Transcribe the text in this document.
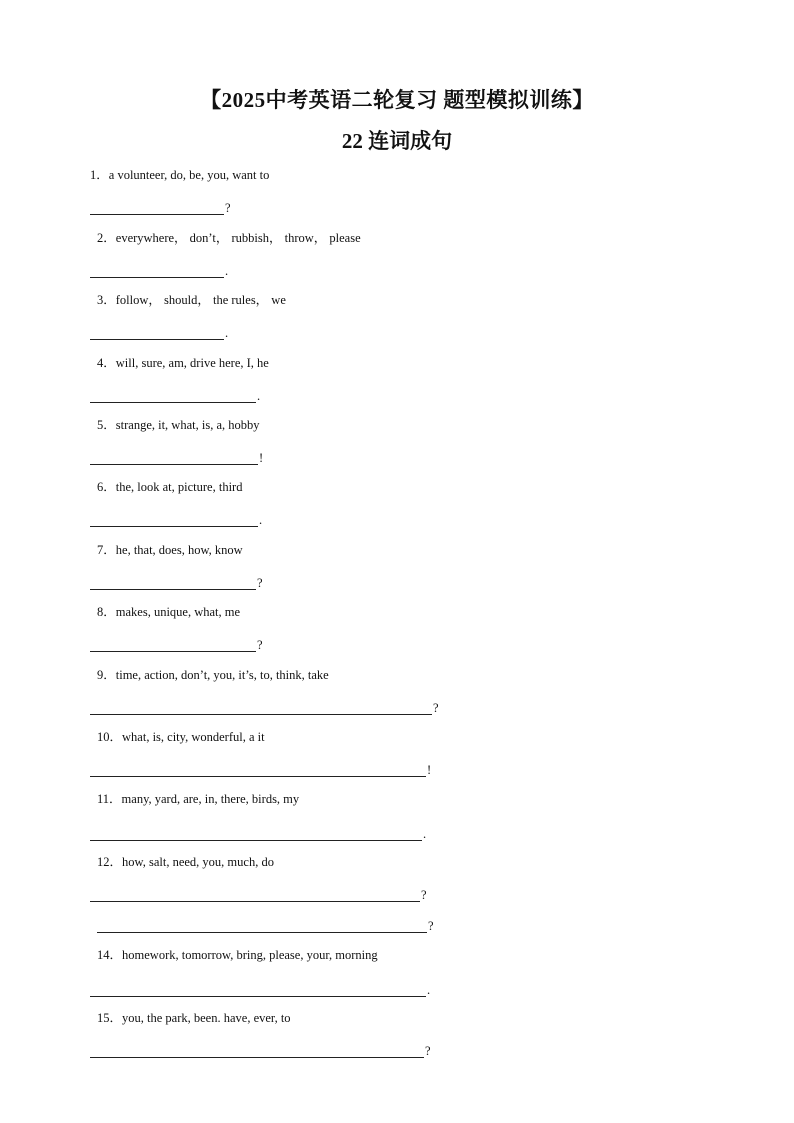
【2025中考英语二轮复习 题型模拟训练】
22 连词成句
1．a volunteer, do, be, you, want to
?
2．everywhere， don’t， rubbish， throw， please
.
3．follow， should， the rules， we
.
4．will, sure, am, drive here, I, he
.
5．strange, it, what, is, a, hobby
!
6．the, look at, picture, third
.
7．he, that, does, how, know
?
8．makes, unique, what, me
?
9．time, action, don’t, you, it’s, to, think, take
?
10．what, is, city, wonderful, a it
!
11．many, yard, are, in, there, birds, my
.
12．how, salt, need, you, much, do
?
?
14．homework, tomorrow, bring, please, your, morning
.
15．you, the park, been. have, ever, to
?
